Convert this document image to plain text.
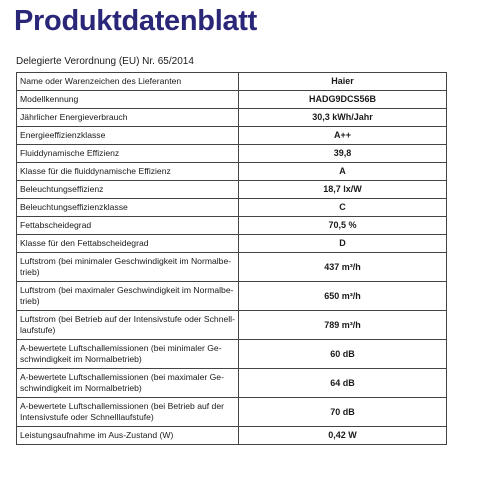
Produktdatenblatt
Delegierte Verordnung (EU) Nr. 65/2014
Name oder Warenzeichen des Lieferanten	Haier
Modellkennung	HADG9DCS56B
Jährlicher Energieverbrauch	30,3 kWh/Jahr
Energieeffizienzklasse	A++
Fluiddynamische Effizienz	39,8
Klasse für die fluiddynamische Effizienz	A
Beleuchtungseffizienz	18,7 lx/W
Beleuchtungseffizienzklasse	C
Fettabscheidegrad	70,5 %
Klasse für den Fettabscheidegrad	D
Luftstrom (bei minimaler Geschwindigkeit im Normalbe-trieb)	437 m³/h
Luftstrom (bei maximaler Geschwindigkeit im Normalbe-trieb)	650 m³/h
Luftstrom (bei Betrieb auf der Intensivstufe oder Schnell-laufstufe)	789 m³/h
A-bewertete Luftschallemissionen (bei minimaler Ge-schwindigkeit im Normalbetrieb)	60 dB
A-bewertete Luftschallemissionen (bei maximaler Ge-schwindigkeit im Normalbetrieb)	64 dB
A-bewertete Luftschallemissionen (bei Betrieb auf der Intensivstufe oder Schnelllaufstufe)	70 dB
Leistungsaufnahme im Aus-Zustand (W)	0,42 W
